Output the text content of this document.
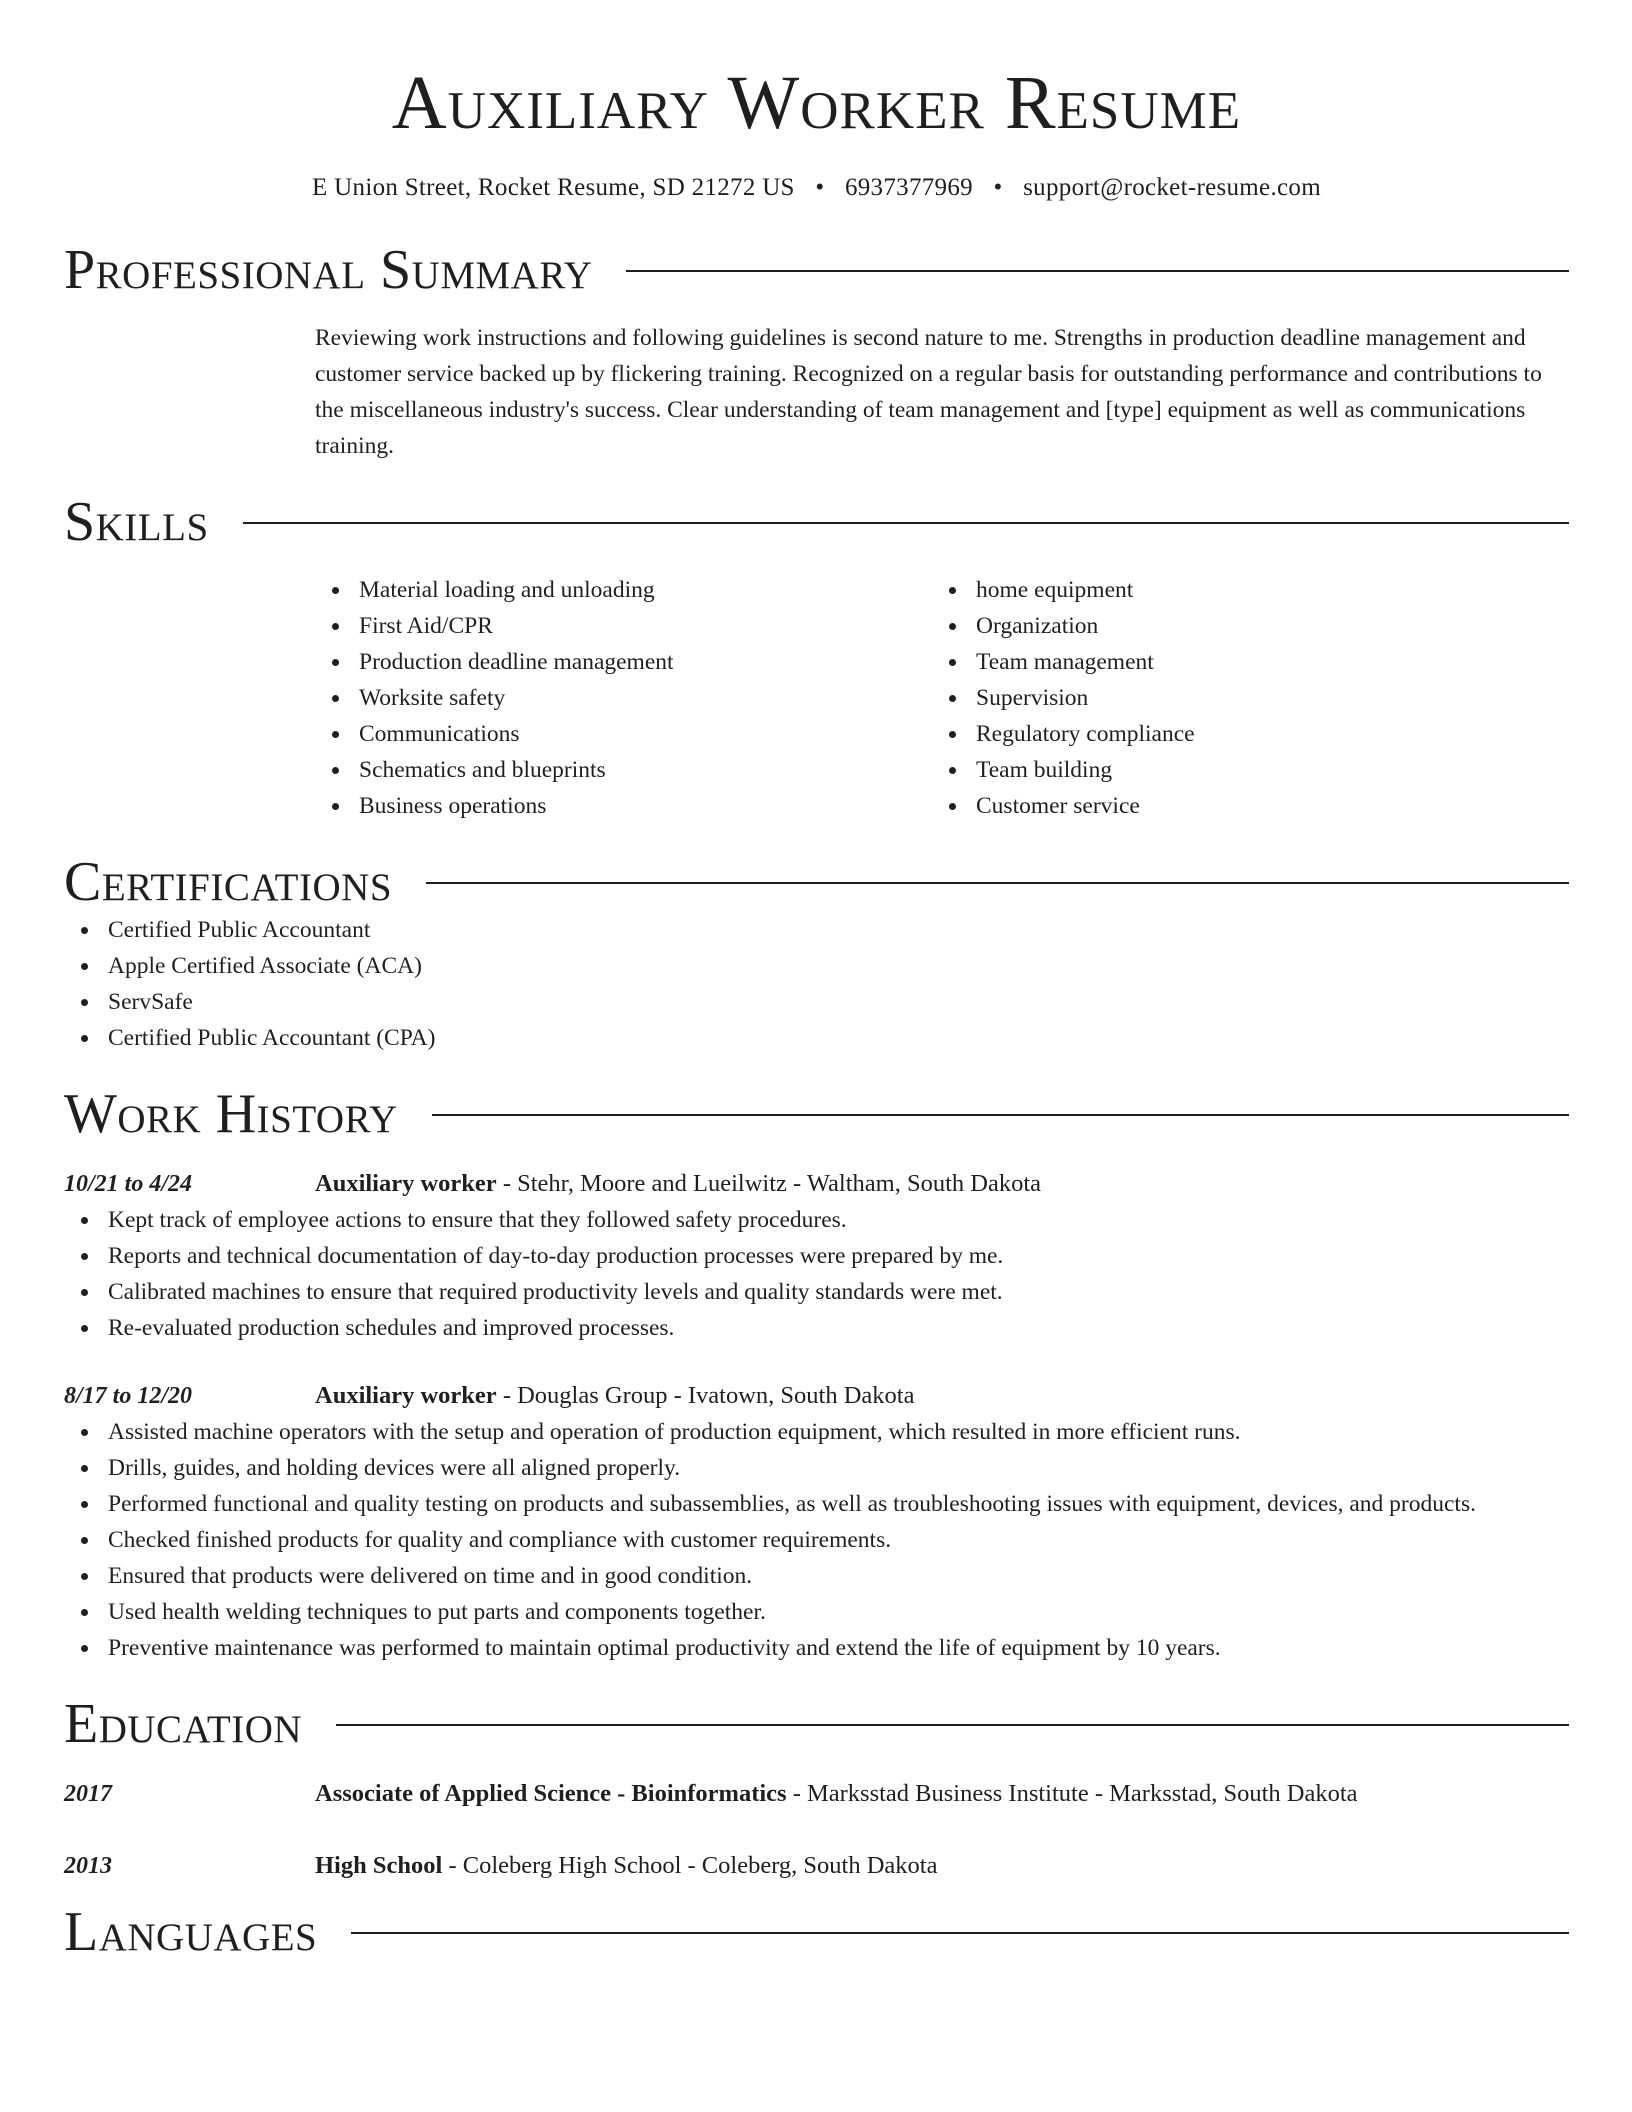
Auxiliary Worker Resume
E Union Street, Rocket Resume, SD 21272 US • 6937377969 • support@rocket-resume.com
Professional Summary
Reviewing work instructions and following guidelines is second nature to me. Strengths in production deadline management and customer service backed up by flickering training. Recognized on a regular basis for outstanding performance and contributions to the miscellaneous industry's success. Clear understanding of team management and [type] equipment as well as communications training.
Skills
Material loading and unloading
First Aid/CPR
Production deadline management
Worksite safety
Communications
Schematics and blueprints
Business operations
home equipment
Organization
Team management
Supervision
Regulatory compliance
Team building
Customer service
Certifications
Certified Public Accountant
Apple Certified Associate (ACA)
ServSafe
Certified Public Accountant (CPA)
Work History
10/21 to 4/24	Auxiliary worker - Stehr, Moore and Lueilwitz - Waltham, South Dakota
Kept track of employee actions to ensure that they followed safety procedures.
Reports and technical documentation of day-to-day production processes were prepared by me.
Calibrated machines to ensure that required productivity levels and quality standards were met.
Re-evaluated production schedules and improved processes.
8/17 to 12/20	Auxiliary worker - Douglas Group - Ivatown, South Dakota
Assisted machine operators with the setup and operation of production equipment, which resulted in more efficient runs.
Drills, guides, and holding devices were all aligned properly.
Performed functional and quality testing on products and subassemblies, as well as troubleshooting issues with equipment, devices, and products.
Checked finished products for quality and compliance with customer requirements.
Ensured that products were delivered on time and in good condition.
Used health welding techniques to put parts and components together.
Preventive maintenance was performed to maintain optimal productivity and extend the life of equipment by 10 years.
Education
2017	Associate of Applied Science - Bioinformatics - Marksstad Business Institute - Marksstad, South Dakota
2013	High School - Coleberg High School - Coleberg, South Dakota
Languages
